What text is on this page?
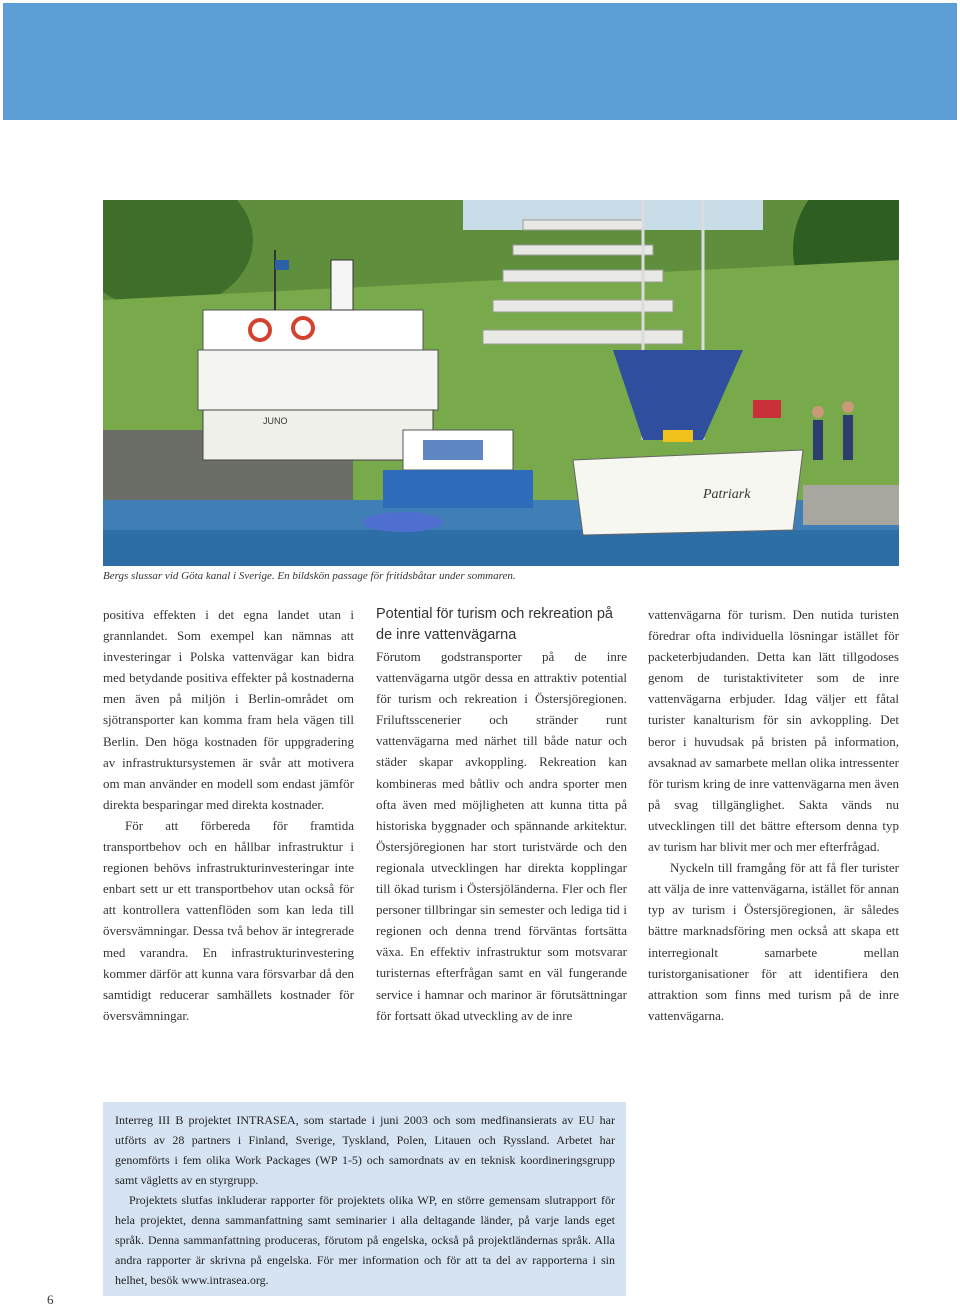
JUNO
Patriark
Bergs slussar vid Göta kanal i Sverige. En bildskön passage för fritidsbåtar under sommaren.

positiva effekten i det egna landet utan i grannlandet. Som exempel kan nämnas att investeringar i Polska vattenvägar kan bidra med betydande positiva effekter på kostnaderna men även på miljön i Berlin-området om sjötransporter kan komma fram hela vägen till Berlin. Den höga kostnaden för uppgradering av infrastruktursystemen är svår att motivera om man använder en modell som endast jämför direkta besparingar med direkta kostnader.

För att förbereda för framtida transportbehov och en hållbar infrastruktur i regionen behövs infrastrukturinvesteringar inte enbart sett ur ett transportbehov utan också för att kontrollera vattenflöden som kan leda till översvämningar. Dessa två behov är integrerade med varandra. En infrastrukturinvestering kommer därför att kunna vara försvarbar då den samtidigt reducerar samhällets kostnader för översvämningar.

Potential för turism och rekreation på de inre vattenvägarna

Förutom godstransporter på de inre vattenvägarna utgör dessa en attraktiv potential för turism och rekreation i Östersjöregionen. Friluftsscenerier och stränder runt vattenvägarna med närhet till både natur och städer skapar avkoppling. Rekreation kan kombineras med båtliv och andra sporter men ofta även med möjligheten att kunna titta på historiska byggnader och spännande arkitektur. Östersjöregionen har stort turistvärde och den regionala utvecklingen har direkta kopplingar till ökad turism i Östersjöländerna. Fler och fler personer tillbringar sin semester och lediga tid i regionen och denna trend förväntas fortsätta växa. En effektiv infrastruktur som motsvarar turisternas efterfrågan samt en väl fungerande service i hamnar och marinor är förutsättningar för fortsatt ökad utveckling av de inre

vattenvägarna för turism. Den nutida turisten föredrar ofta individuella lösningar istället för packeterbjudanden. Detta kan lätt tillgodoses genom de turistaktiviteter som de inre vattenvägarna erbjuder. Idag väljer ett fåtal turister kanalturism för sin avkoppling. Det beror i huvudsak på bristen på information, avsaknad av samarbete mellan olika intressenter för turism kring de inre vattenvägarna men även på svag tillgänglighet. Sakta vänds nu utvecklingen till det bättre eftersom denna typ av turism har blivit mer och mer efterfrågad.

Nyckeln till framgång för att få fler turister att välja de inre vattenvägarna, istället för annan typ av turism i Östersjöregionen, är således bättre marknadsföring men också att skapa ett interregionalt samarbete mellan turistorganisationer för att identifiera den attraktion som finns med turism på de inre vattenvägarna.

Interreg III B projektet INTRASEA, som startade i juni 2003 och som medfinansierats av EU har utförts av 28 partners i Finland, Sverige, Tyskland, Polen, Litauen och Ryssland. Arbetet har genomförts i fem olika Work Packages (WP 1-5) och samordnats av en teknisk koordineringsgrupp samt vägletts av en styrgrupp.

Projektets slutfas inkluderar rapporter för projektets olika WP, en större gemensam slutrapport för hela projektet, denna sammanfattning samt seminarier i alla deltagande länder, på varje lands eget språk. Denna sammanfattning produceras, förutom på engelska, också på projektländernas språk. Alla andra rapporter är skrivna på engelska. För mer information och för att ta del av rapporterna i sin helhet, besök www.intrasea.org.

6
